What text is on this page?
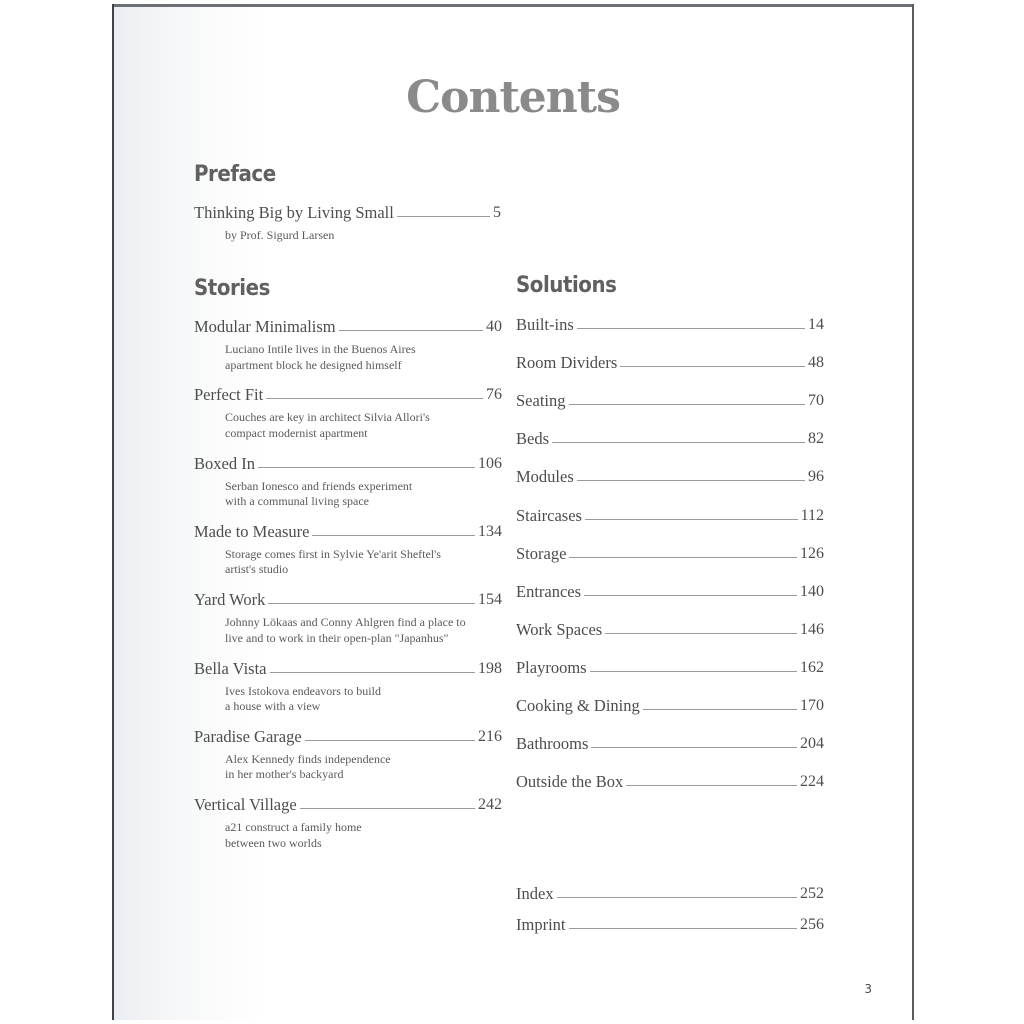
Contents
Preface
Thinking Big by Living Small	5
by Prof. Sigurd Larsen
Stories
Modular Minimalism	40
Luciano Intile lives in the Buenos Aires
apartment block he designed himself
Perfect Fit	76
Couches are key in architect Silvia Allori's
compact modernist apartment
Boxed In	106
Serban Ionesco and friends experiment
with a communal living space
Made to Measure	134
Storage comes first in Sylvie Ye'arit Sheftel's
artist's studio
Yard Work	154
Johnny Lökaas and Conny Ahlgren find a place to
live and to work in their open-plan "Japanhus"
Bella Vista	198
Ives Istokova endeavors to build
a house with a view
Paradise Garage	216
Alex Kennedy finds independence
in her mother's backyard
Vertical Village	242
a21 construct a family home
between two worlds
Solutions
Built-ins	14
Room Dividers	48
Seating	70
Beds	82
Modules	96
Staircases	112
Storage	126
Entrances	140
Work Spaces	146
Playrooms	162
Cooking & Dining	170
Bathrooms	204
Outside the Box	224
Index	252
Imprint	256
3
